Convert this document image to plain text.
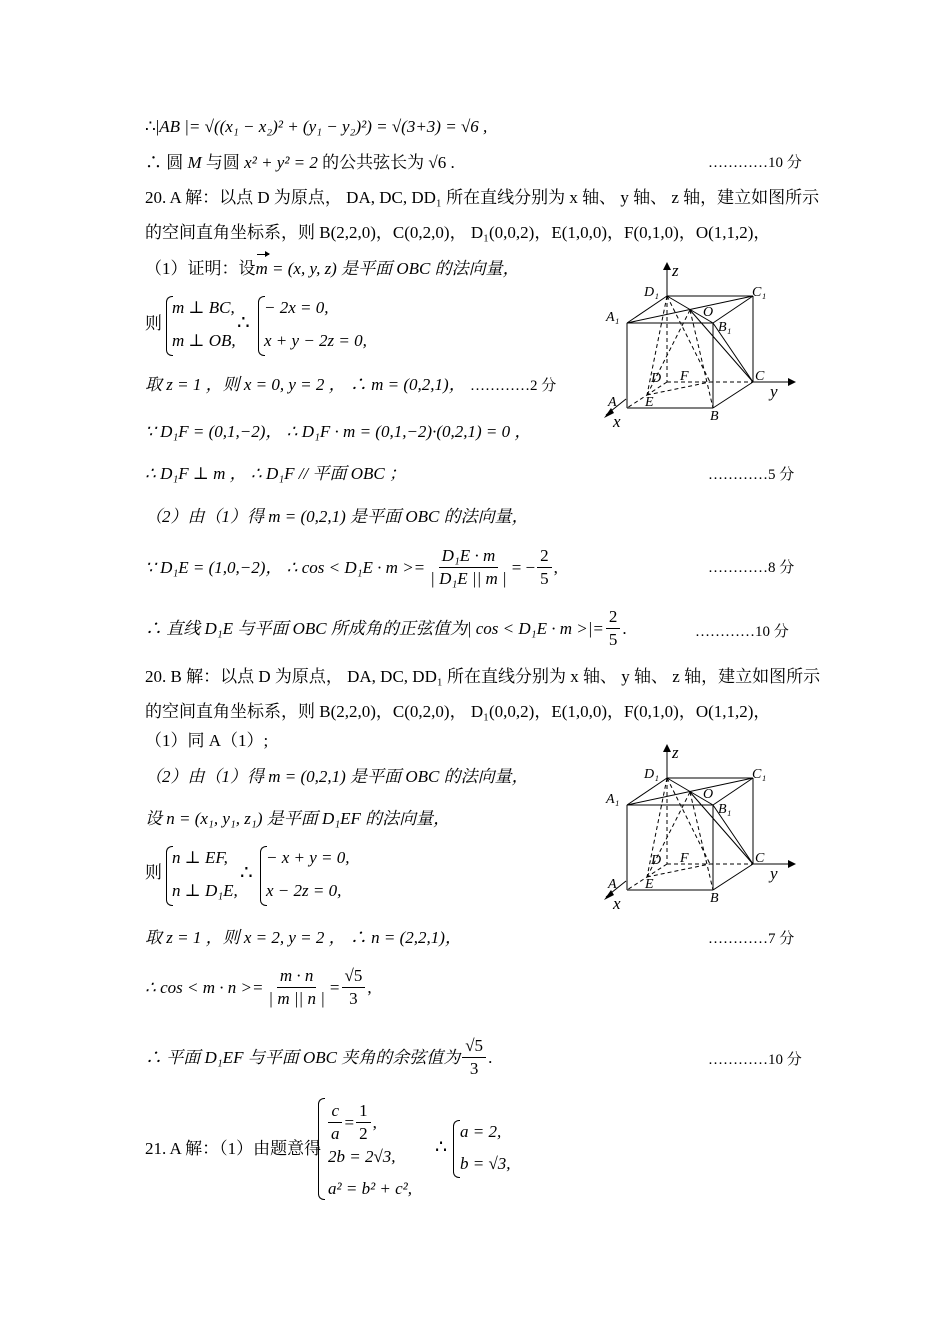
∴|AB |= √((x₁ − x₂)² + (y₁ − y₂)²) = √(3+3) = √6 ,
∴ 圆 M 与圆 x² + y² = 2 的公共弦长为 √6 .	…………10 分
20. A 解：以点 D 为原点， DA, DC, DD₁ 所在直线分别为 x 轴、 y 轴、 z 轴，建立如图所示
的空间直角坐标系，则 B(2,2,0)，C(0,2,0)， D₁(0,0,2)，E(1,0,0)，F(0,1,0)，O(1,1,2)，
（1）证明：设m = (x, y, z) 是平面 OBC 的法向量，
则
m ⊥ BC,
m ⊥ OB,
∴
− 2x = 0,
x + y − 2z = 0,
取 z = 1 ，则 x = 0, y = 2 ， ∴ m = (0,2,1)， …………2 分
∵ D₁F = (0,1,−2)， ∴ D₁F · m = (0,1,−2)·(0,2,1) = 0 ，
∴ D₁F ⊥ m ， ∴ D₁F // 平面 OBC ；	…………5 分
（2）由（1）得 m = (0,2,1) 是平面 OBC 的法向量，
∵ D₁E = (1,0,−2)， ∴ $\cos < D_1E \cdot m >= \frac{\text{D₁E · m}}{\text{| D₁E || m |}}$ = − $\frac{2}{5}$ ,	…………8 分
∴ 直线 D₁E 与平面 OBC 所成角的正弦值为| cos < D₁E · m >|= $\frac{2}{5}$ .	…………10 分
20. B 解：以点 D 为原点， DA, DC, DD₁ 所在直线分别为 x 轴、 y 轴、 z 轴，建立如图所示
的空间直角坐标系，则 B(2,2,0)，C(0,2,0)， D₁(0,0,2)，E(1,0,0)，F(0,1,0)，O(1,1,2)，
（1）同 A（1）;
（2）由（1）得 m = (0,2,1) 是平面 OBC 的法向量，
设 n = (x₁, y₁, z₁) 是平面 D₁EF 的法向量，
则
n ⊥ EF,
n ⊥ D₁E,
∴
− x + y = 0,
x − 2z = 0,
取 z = 1 ，则 x = 2, y = 2 ， ∴ n = (2,2,1)，	…………7 分
∴ $\cos < m \cdot n >= \frac{m \cdot n}{| m || n |} = \frac{√5}{3}$ ,
∴ 平面 D₁EF 与平面 OBC 夹角的余弦值为 $\frac{√5}{3}$ .	…………10 分
21. A 解：（1）由题意得
$\frac{c}{a} = \frac{1}{2}$ ,
2b = 2√3,
a² = b² + c²,
∴
a = 2,
b = √3,
z
D₁	C₁
A₁	O
B₁
D F	C
y
A E
B
x
z
D₁	C₁
A₁	O
B₁
D F	C
y
A E
B
x
